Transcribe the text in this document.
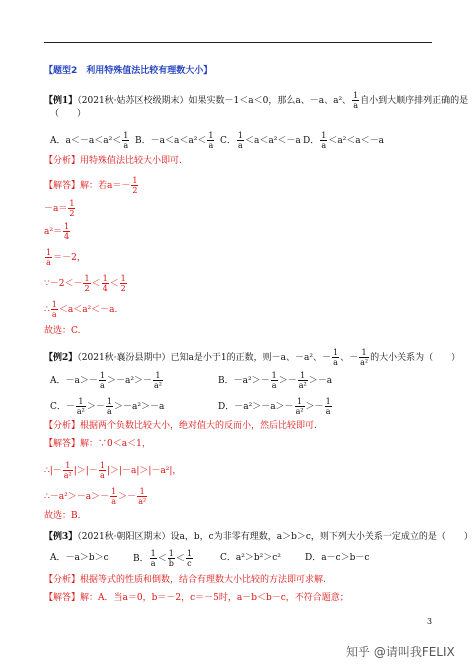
【题型2　利用特殊值法比较有理数大小】
【例1】（2021秋·姑苏区校级期末）如果实数－1＜a＜0，那么a、－a、a²、 $\frac{1}{a}$ 自小到大顺序排列正确的是
（　　）
A．$a<-a<a^2< \frac{1}{a}$ B．$-a<a<a^2< \frac{1}{a}$ C． $\frac{1}{a} <a<a^2<-a$ D． $\frac{1}{a} <a^2<a<-a$
【分析】用特殊值法比较大小即可.
【解答】解：若$a=- \frac{1}{2}$
$-a= \frac{1}{2}$
$a^2= \frac{1}{4}$
$\frac{1}{a} =-2$，
∵－2＜－ $\frac{1}{2} < \frac{1}{4} < \frac{1}{2}$
∴ $\frac{1}{a} <a<a^2<-a$.
故选：C.
【例2】（2021秋·襄汾县期中）已知a是小于1的正数，则－a、－a²、－ $\frac{1}{a}$ 、－ $\frac{1}{\text{a²}}$ 的大小关系为（　　）
A．$-a>- \frac{1}{a} >-a^2>- \frac{1}{\text{a²}}$	B．$-a^2>- \frac{1}{a} >- \frac{1}{\text{a²}} >-a$
C．－ $\frac{1}{\text{a²}} >- \frac{1}{a} >-a^2>-a$	D．$-a^2>-a>- \frac{1}{\text{a²}} >- \frac{1}{a}$
【分析】根据两个负数比较大小，绝对值大的反而小，然后比较即可.
【解答】解：∵0＜a＜1，
∴|－ $\frac{1}{\text{a²}}$ |＞|－ $\frac{1}{a} |>|-a|>|-a^2|$，
∴－a²＞－a＞－ $\frac{1}{a} >- \frac{1}{\text{a²}}$
故选：B.
【例3】（2021秋·朝阳区期末）设a，b，c为非零有理数，a＞b＞c，则下列大小关系一定成立的是（　　）
A．－a＞b＞c	B． $\frac{1}{a} < \frac{1}{b} < \frac{1}{c}$	C．a²＞b²＞c²	D．a－c＞b－c
【分析】根据等式的性质和倒数，结合有理数大小比较的方法即可求解.
【解答】解：A．当a＝0，b＝－2，c＝－5时，a－b＜b－c，不符合题意；
3
知乎 @请叫我FELIX
